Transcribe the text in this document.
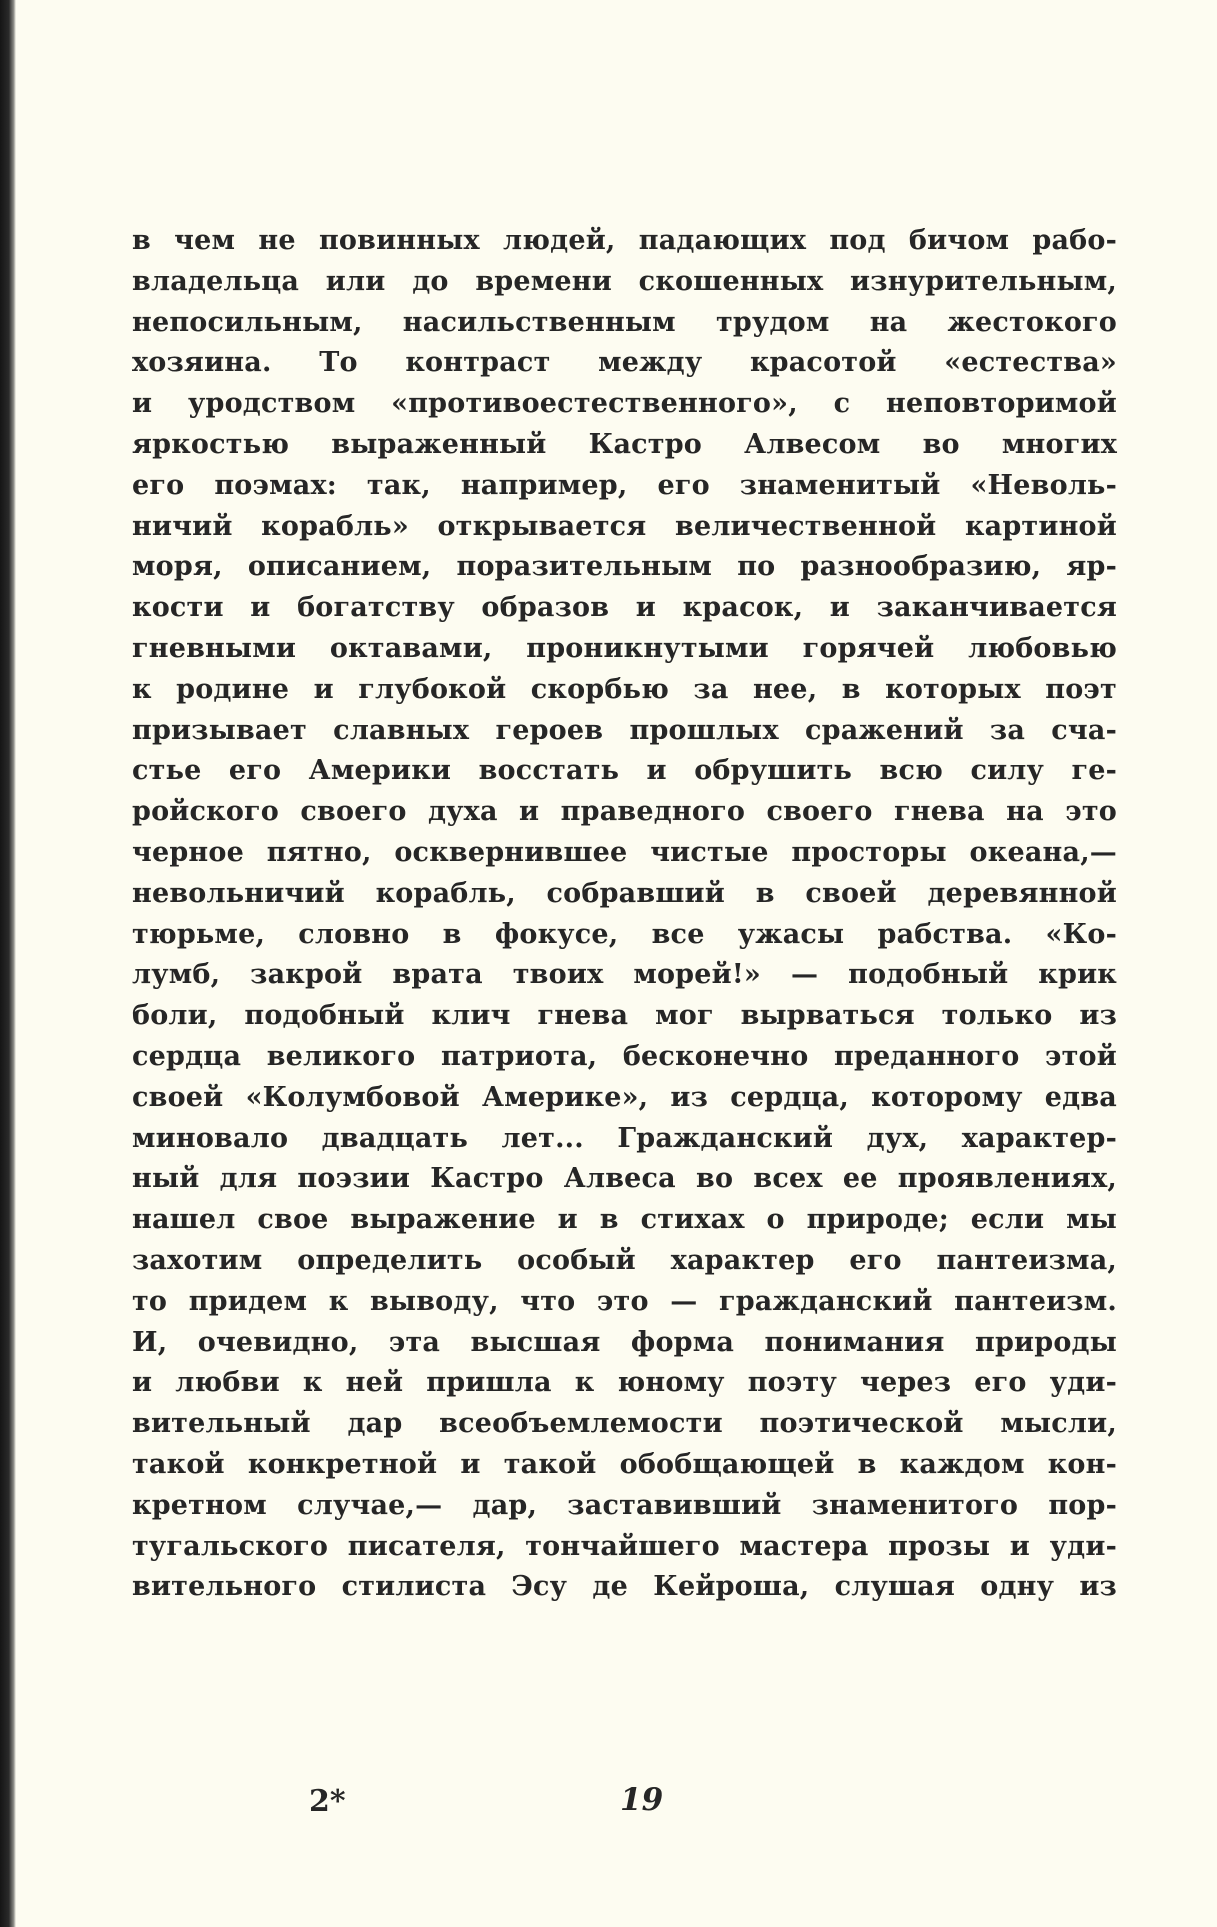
в чем не повинных людей, падающих под бичом рабо-
владельца или до времени скошенных изнурительным,
непосильным, насильственным трудом на жестокого
хозяина. То контраст между красотой «естества»
и уродством «противоестественного», с неповторимой
яркостью выраженный Кастро Алвесом во многих
его поэмах: так, например, его знаменитый «Неволь-
ничий корабль» открывается величественной картиной
моря, описанием, поразительным по разнообразию, яр-
кости и богатству образов и красок, и заканчивается
гневными октавами, проникнутыми горячей любовью
к родине и глубокой скорбью за нее, в которых поэт
призывает славных героев прошлых сражений за сча-
стье его Америки восстать и обрушить всю силу ге-
ройского своего духа и праведного своего гнева на это
черное пятно, осквернившее чистые просторы океана,—
невольничий корабль, собравший в своей деревянной
тюрьме, словно в фокусе, все ужасы рабства. «Ко-
лумб, закрой врата твоих морей!» — подобный крик
боли, подобный клич гнева мог вырваться только из
сердца великого патриота, бесконечно преданного этой
своей «Колумбовой Америке», из сердца, которому едва
миновало двадцать лет... Гражданский дух, характер-
ный для поэзии Кастро Алвеса во всех ее проявлениях,
нашел свое выражение и в стихах о природе; если мы
захотим определить особый характер его пантеизма,
то придем к выводу, что это — гражданский пантеизм.
И, очевидно, эта высшая форма понимания природы
и любви к ней пришла к юному поэту через его уди-
вительный дар всеобъемлемости поэтической мысли,
такой конкретной и такой обобщающей в каждом кон-
кретном случае,— дар, заставивший знаменитого пор-
тугальского писателя, тончайшего мастера прозы и уди-
вительного стилиста Эсу де Кейроша, слушая одну из
2*	19
